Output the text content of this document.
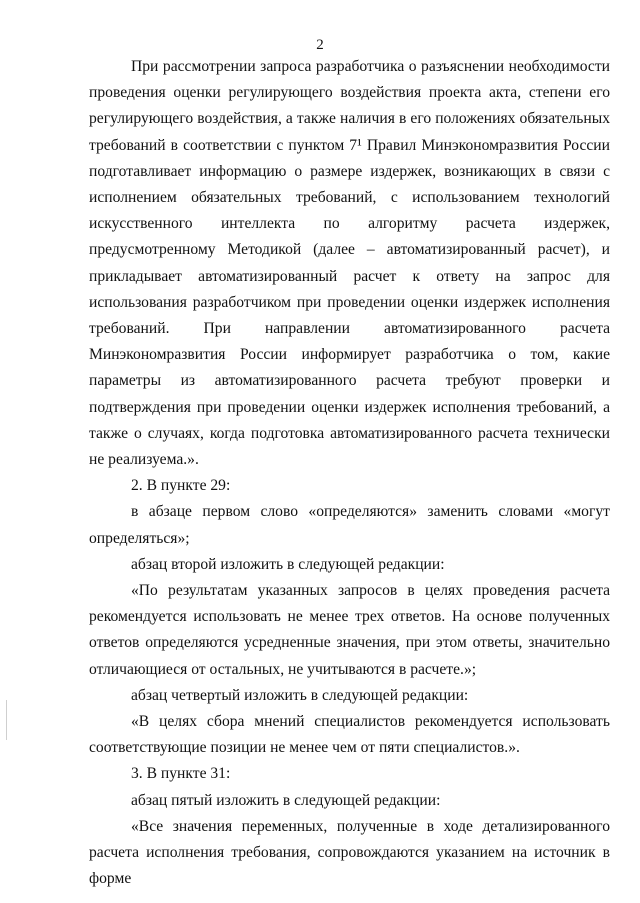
2

При рассмотрении запроса разработчика о разъяснении необходимости проведения оценки регулирующего воздействия проекта акта, степени его регулирующего воздействия, а также наличия в его положениях обязательных требований в соответствии с пунктом 7¹ Правил Минэкономразвития России подготавливает информацию о размере издержек, возникающих в связи с исполнением обязательных требований, с использованием технологий искусственного интеллекта по алгоритму расчета издержек, предусмотренному Методикой (далее – автоматизированный расчет), и прикладывает автоматизированный расчет к ответу на запрос для использования разработчиком при проведении оценки издержек исполнения требований. При направлении автоматизированного расчета Минэкономразвития России информирует разработчика о том, какие параметры из автоматизированного расчета требуют проверки и подтверждения при проведении оценки издержек исполнения требований, а также о случаях, когда подготовка автоматизированного расчета технически не реализуема.».

2. В пункте 29:

в абзаце первом слово «определяются» заменить словами «могут определяться»;

абзац второй изложить в следующей редакции:

«По результатам указанных запросов в целях проведения расчета рекомендуется использовать не менее трех ответов. На основе полученных ответов определяются усредненные значения, при этом ответы, значительно отличающиеся от остальных, не учитываются в расчете.»;

абзац четвертый изложить в следующей редакции:

«В целях сбора мнений специалистов рекомендуется использовать соответствующие позиции не менее чем от пяти специалистов.».

3. В пункте 31:

абзац пятый изложить в следующей редакции:

«Все значения переменных, полученные в ходе детализированного расчета исполнения требования, сопровождаются указанием на источник в форме
